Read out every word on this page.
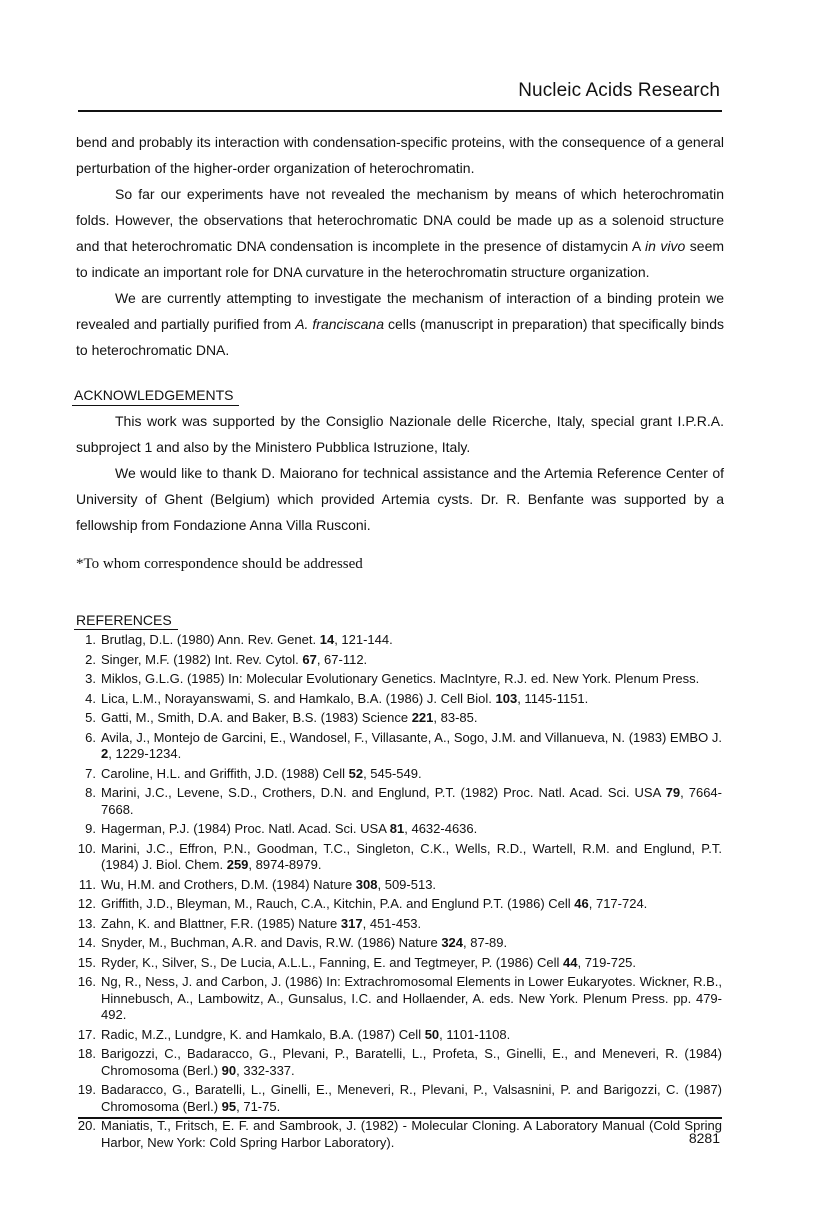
Nucleic Acids Research

bend and probably its interaction with condensation-specific proteins, with the consequence of a general perturbation of the higher-order organization of heterochromatin.

So far our experiments have not revealed the mechanism by means of which heterochromatin folds. However, the observations that heterochromatic DNA could be made up as a solenoid structure and that heterochromatic DNA condensation is incomplete in the presence of distamycin A in vivo seem to indicate an important role for DNA curvature in the heterochromatin structure organization.

We are currently attempting to investigate the mechanism of interaction of a binding protein we revealed and partially purified from A. franciscana cells (manuscript in preparation) that specifically binds to heterochromatic DNA.

ACKNOWLEDGEMENTS

This work was supported by the Consiglio Nazionale delle Ricerche, Italy, special grant I.P.R.A. subproject 1 and also by the Ministero Pubblica Istruzione, Italy.

We would like to thank D. Maiorano for technical assistance and the Artemia Reference Center of University of Ghent (Belgium) which provided Artemia cysts. Dr. R. Benfante was supported by a fellowship from Fondazione Anna Villa Rusconi.

*To whom correspondence should be addressed
REFERENCES
1. Brutlag, D.L. (1980) Ann. Rev. Genet. 14, 121-144.
2. Singer, M.F. (1982) Int. Rev. Cytol. 67, 67-112.
3. Miklos, G.L.G. (1985) In: Molecular Evolutionary Genetics. MacIntyre, R.J. ed. New York. Plenum Press.
4. Lica, L.M., Norayanswami, S. and Hamkalo, B.A. (1986) J. Cell Biol. 103, 1145-1151.
5. Gatti, M., Smith, D.A. and Baker, B.S. (1983) Science 221, 83-85.
6. Avila, J., Montejo de Garcini, E., Wandosel, F., Villasante, A., Sogo, J.M. and Villanueva, N. (1983) EMBO J. 2, 1229-1234.
7. Caroline, H.L. and Griffith, J.D. (1988) Cell 52, 545-549.
8. Marini, J.C., Levene, S.D., Crothers, D.N. and Englund, P.T. (1982) Proc. Natl. Acad. Sci. USA 79, 7664-7668.
9. Hagerman, P.J. (1984) Proc. Natl. Acad. Sci. USA 81, 4632-4636.
10. Marini, J.C., Effron, P.N., Goodman, T.C., Singleton, C.K., Wells, R.D., Wartell, R.M. and Englund, P.T. (1984) J. Biol. Chem. 259, 8974-8979.
11. Wu, H.M. and Crothers, D.M. (1984) Nature 308, 509-513.
12. Griffith, J.D., Bleyman, M., Rauch, C.A., Kitchin, P.A. and Englund P.T. (1986) Cell 46, 717-724.
13. Zahn, K. and Blattner, F.R. (1985) Nature 317, 451-453.
14. Snyder, M., Buchman, A.R. and Davis, R.W. (1986) Nature 324, 87-89.
15. Ryder, K., Silver, S., De Lucia, A.L.L., Fanning, E. and Tegtmeyer, P. (1986) Cell 44, 719-725.
16. Ng, R., Ness, J. and Carbon, J. (1986) In: Extrachromosomal Elements in Lower Eukaryotes. Wickner, R.B., Hinnebusch, A., Lambowitz, A., Gunsalus, I.C. and Hollaender, A. eds. New York. Plenum Press. pp. 479-492.
17. Radic, M.Z., Lundgre, K. and Hamkalo, B.A. (1987) Cell 50, 1101-1108.
18. Barigozzi, C., Badaracco, G., Plevani, P., Baratelli, L., Profeta, S., Ginelli, E., and Meneveri, R. (1984) Chromosoma (Berl.) 90, 332-337.
19. Badaracco, G., Baratelli, L., Ginelli, E., Meneveri, R., Plevani, P., Valsasnini, P. and Barigozzi, C. (1987) Chromosoma (Berl.) 95, 71-75.
20. Maniatis, T., Fritsch, E. F. and Sambrook, J. (1982) - Molecular Cloning. A Laboratory Manual (Cold Spring Harbor, New York: Cold Spring Harbor Laboratory).	8281
